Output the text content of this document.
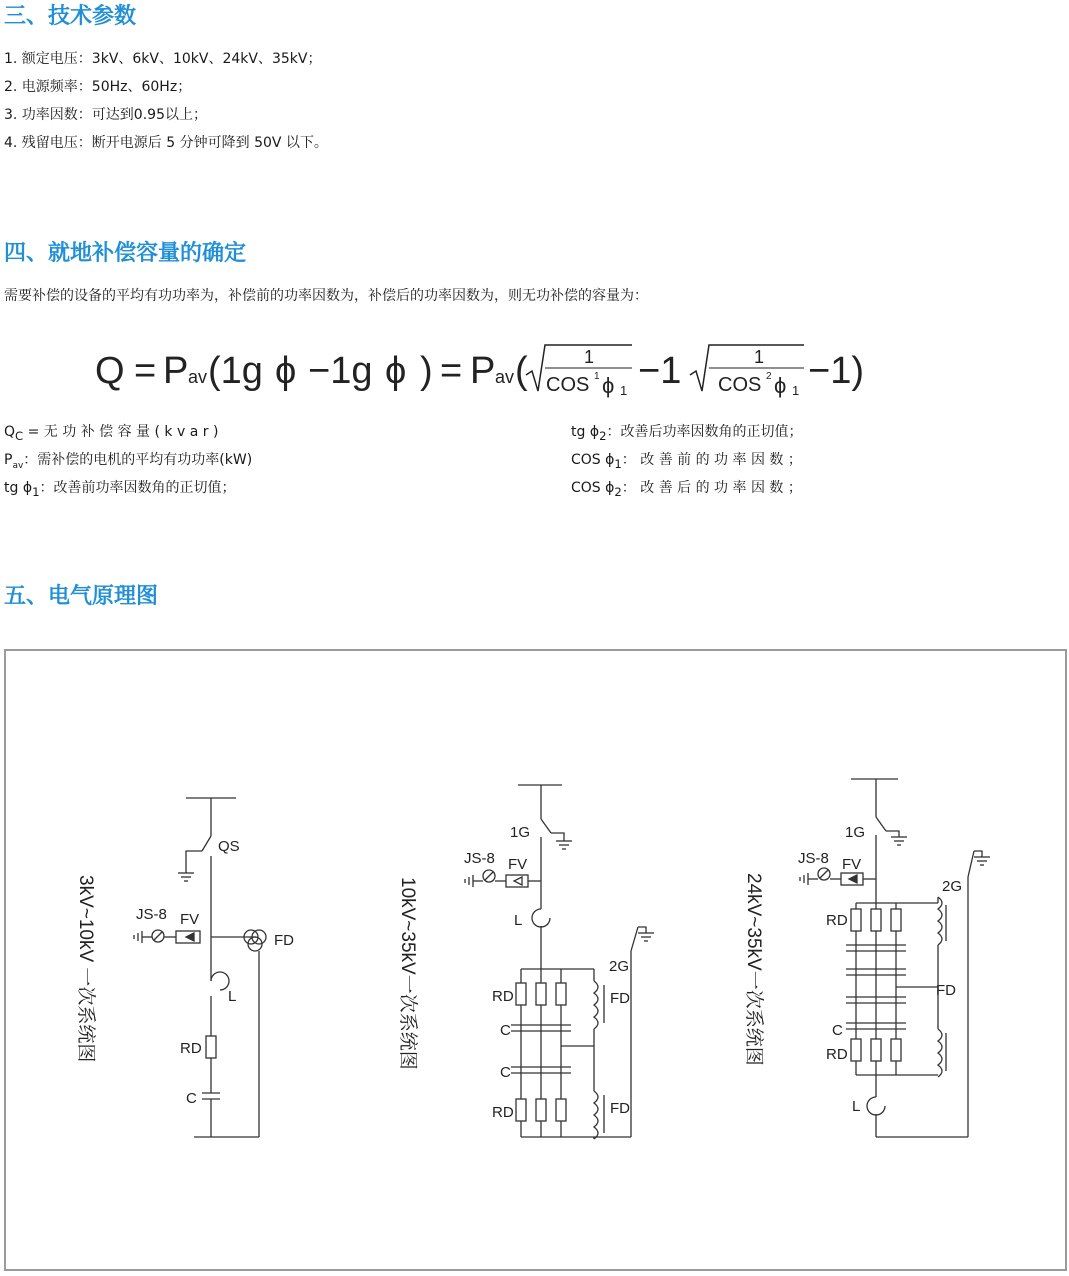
三、技术参数

1. 额定电压：3kV、6kV、10kV、24kV、35kV；

2. 电源频率：50Hz、60Hz；

3. 功率因数：可达到0.95以上；

4. 残留电压：断开电源后 5 分钟可降到 50V 以下。

四、就地补偿容量的确定

需要补偿的设备的平均有功功率为，补偿前的功率因数为，补偿后的功率因数为，则无功补偿的容量为：

Q = P av (1g ϕ −1g ϕ ) = P av (	1
COS 1 ϕ 1 −1	1
COS 2 ϕ 1 −1)
$Q_C$ = 无 功 补 偿 容 量 ( k v a r )
$P_{av}$：需补偿的电机的平均有功功率(kW)
tg $\phi_1$：改善前功率因数角的正切值；
tg $\phi_2$：改善后功率因数角的正切值；
COS $\phi_1$： 改 善 前 的 功 率 因 数 ；
COS $\phi_2$： 改 善 后 的 功 率 因 数 ；
五、电气原理图
QS
JS-8 FV
FD
L
RD
C
1G
JS-8 FV
L
2G
RD	FD
C
C
RD	FD
1G
JS-8 FV
2G
RD
FD
C
RD
L
3kV~10kV 一次系统图	10kV~35kV一次系统图	24kV~35kV一次系统图
